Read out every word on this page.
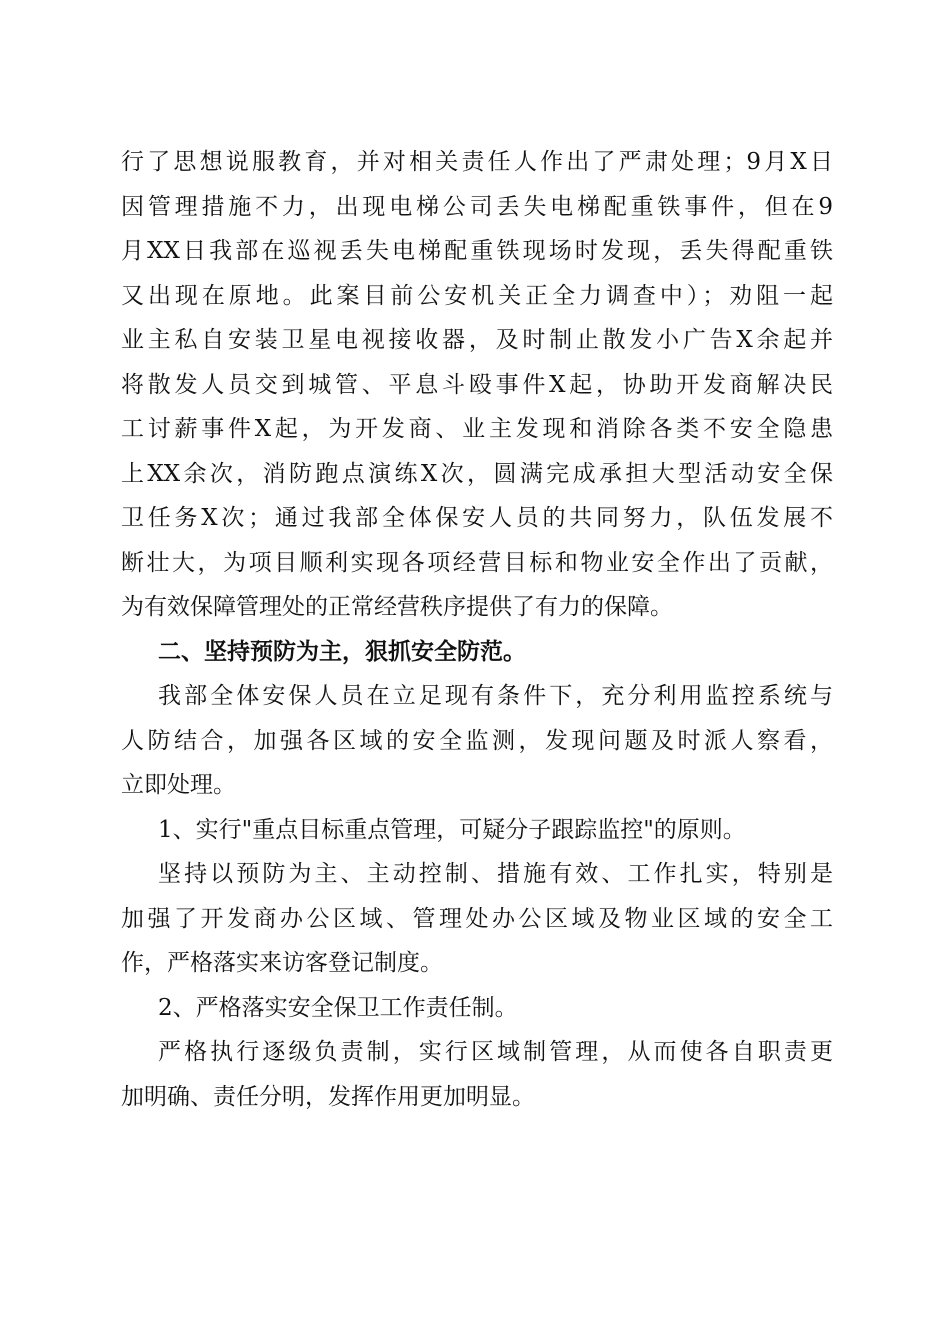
行了思想说服教育，并对相关责任人作出了严肃处理；9月X日
因管理措施不力，出现电梯公司丢失电梯配重铁事件，但在9
月XX日我部在巡视丢失电梯配重铁现场时发现，丢失得配重铁
又出现在原地。此案目前公安机关正全力调查中）；劝阻一起
业主私自安装卫星电视接收器，及时制止散发小广告X余起并
将散发人员交到城管、平息斗殴事件X起，协助开发商解决民
工讨薪事件X起，为开发商、业主发现和消除各类不安全隐患
上XX余次，消防跑点演练X次，圆满完成承担大型活动安全保
卫任务X次；通过我部全体保安人员的共同努力，队伍发展不
断壮大，为项目顺利实现各项经营目标和物业安全作出了贡献，
为有效保障管理处的正常经营秩序提供了有力的保障。
二、坚持预防为主，狠抓安全防范。
我部全体安保人员在立足现有条件下，充分利用监控系统与
人防结合，加强各区域的安全监测，发现问题及时派人察看，
立即处理。
1、实行"重点目标重点管理，可疑分子跟踪监控"的原则。
坚持以预防为主、主动控制、措施有效、工作扎实，特别是
加强了开发商办公区域、管理处办公区域及物业区域的安全工
作，严格落实来访客登记制度。
2、严格落实安全保卫工作责任制。
严格执行逐级负责制，实行区域制管理，从而使各自职责更
加明确、责任分明，发挥作用更加明显。
